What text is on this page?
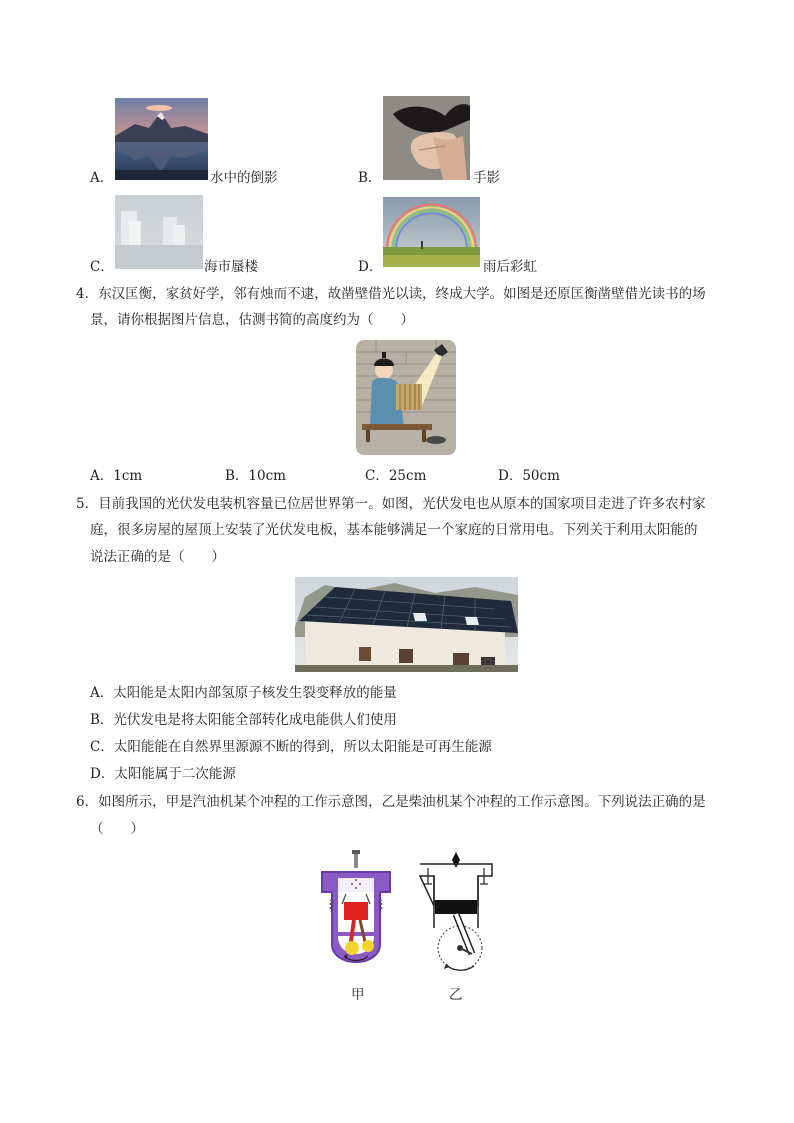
A．	水中的倒影	B．	手影
C．	海市蜃楼	D．	雨后彩虹
4．东汉匡衡，家贫好学，邻有烛而不逮，故凿壁借光以读，终成大学。如图是还原匡衡凿壁借光读书的场
景，请你根据图片信息，估测书简的高度约为（　　）
A．1cm	B．10cm	C．25cm	D．50cm
5．目前我国的光伏发电装机容量已位居世界第一。如图，光伏发电也从原本的国家项目走进了许多农村家
庭，很多房屋的屋顶上安装了光伏发电板，基本能够满足一个家庭的日常用电。下列关于利用太阳能的
说法正确的是（　　）
A．太阳能是太阳内部氢原子核发生裂变释放的能量
B．光伏发电是将太阳能全部转化成电能供人们使用
C．太阳能能在自然界里源源不断的得到，所以太阳能是可再生能源
D．太阳能属于二次能源
6．如图所示，甲是汽油机某个冲程的工作示意图，乙是柴油机某个冲程的工作示意图。下列说法正确的是
（　　）
甲	乙
